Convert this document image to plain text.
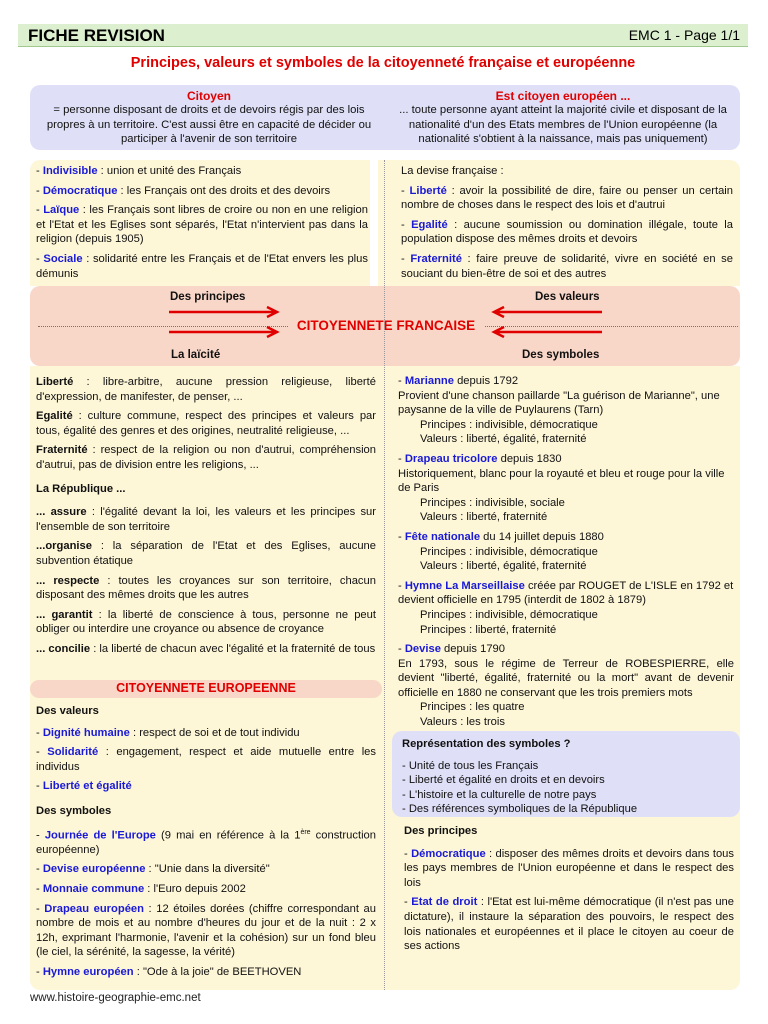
FICHE REVISION	EMC 1 - Page 1/1
Principes, valeurs et symboles de la citoyenneté française et européenne
Citoyen
= personne disposant de droits et de devoirs régis par des lois propres à un territoire. C'est aussi être en capacité de décider ou participer à l'avenir de son territoire
Est citoyen européen ...
... toute personne ayant atteint la majorité civile et disposant de la nationalité d'un des Etats membres de l'Union européenne (la nationalité s'obtient à la naissance, mais pas uniquement)
- Indivisible : union et unité des Français
- Démocratique : les Français ont des droits et des devoirs
- Laïque : les Français sont libres de croire ou non en une religion et l'Etat et les Eglises sont séparés, l'Etat n'intervient pas dans la religion (depuis 1905)
- Sociale : solidarité entre les Français et de l'Etat envers les plus démunis
La devise française :
- Liberté : avoir la possibilité de dire, faire ou penser un certain nombre de choses dans le respect des lois et d'autrui
- Egalité : aucune soumission ou domination illégale, toute la population dispose des mêmes droits et devoirs
- Fraternité : faire preuve de solidarité, vivre en société en se souciant du bien-être de soi et des autres
Des principes	Des valeurs
La laïcité	Des symboles
CITOYENNETE FRANCAISE
Liberté : libre-arbitre, aucune pression religieuse, liberté d'expression, de manifester, de penser, ...
Egalité : culture commune, respect des principes et valeurs par tous, égalité des genres et des origines, neutralité religieuse, ...
Fraternité : respect de la religion ou non d'autrui, compréhension d'autrui, pas de division entre les religions, ...
La République ...
... assure : l'égalité devant la loi, les valeurs et les principes sur l'ensemble de son territoire
...organise : la séparation de l'Etat et des Eglises, aucune subvention étatique
... respecte : toutes les croyances sur son territoire, chacun disposant des mêmes droits que les autres
... garantit : la liberté de conscience à tous, personne ne peut obliger ou interdire une croyance ou absence de croyance
... concilie : la liberté de chacun avec l'égalité et la fraternité de tous
- Marianne depuis 1792
Provient d'une chanson paillarde "La guérison de Marianne", une paysanne de la ville de Puylaurens (Tarn)
Principes : indivisible, démocratique
Valeurs : liberté, égalité, fraternité
- Drapeau tricolore depuis 1830
Historiquement, blanc pour la royauté et bleu et rouge pour la ville de Paris
Principes : indivisible, sociale
Valeurs : liberté, fraternité
- Fête nationale du 14 juillet depuis 1880
Principes : indivisible, démocratique
Valeurs : liberté, égalité, fraternité
- Hymne La Marseillaise créée par ROUGET de L'ISLE en 1792 et devient officielle en 1795 (interdit de 1802 à 1879)
Principes : indivisible, démocratique
Principes : liberté, fraternité
- Devise depuis 1790
En 1793, sous le régime de Terreur de ROBESPIERRE, elle devient "liberté, égalité, fraternité ou la mort" avant de devenir officielle en 1880 ne conservant que les trois premiers mots
Principes : les quatre
Valeurs : les trois
CITOYENNETE EUROPEENNE
Des valeurs
- Dignité humaine : respect de soi et de tout individu
- Solidarité : engagement, respect et aide mutuelle entre les individus
- Liberté et égalité
Des symboles
- Journée de l'Europe (9 mai en référence à la 1ère construction européenne)
- Devise européenne : "Unie dans la diversité"
- Monnaie commune : l'Euro depuis 2002
- Drapeau européen : 12 étoiles dorées (chiffre correspondant au nombre de mois et au nombre d'heures du jour et de la nuit : 2 x 12h, exprimant l'harmonie, l'avenir et la cohésion) sur un fond bleu (le ciel, la sérénité, la sagesse, la vérité)
- Hymne européen : "Ode à la joie" de BEETHOVEN
Représentation des symboles ?
- Unité de tous les Français
- Liberté et égalité en droits et en devoirs
- L'histoire et la culturelle de notre pays
- Des références symboliques de la République
Des principes
- Démocratique : disposer des mêmes droits et devoirs dans tous les pays membres de l'Union européenne et dans le respect des lois
- Etat de droit : l'Etat est lui-même démocratique (il n'est pas une dictature), il instaure la séparation des pouvoirs, le respect des lois nationales et européennes et il place le citoyen au coeur de ses actions
www.histoire-geographie-emc.net
